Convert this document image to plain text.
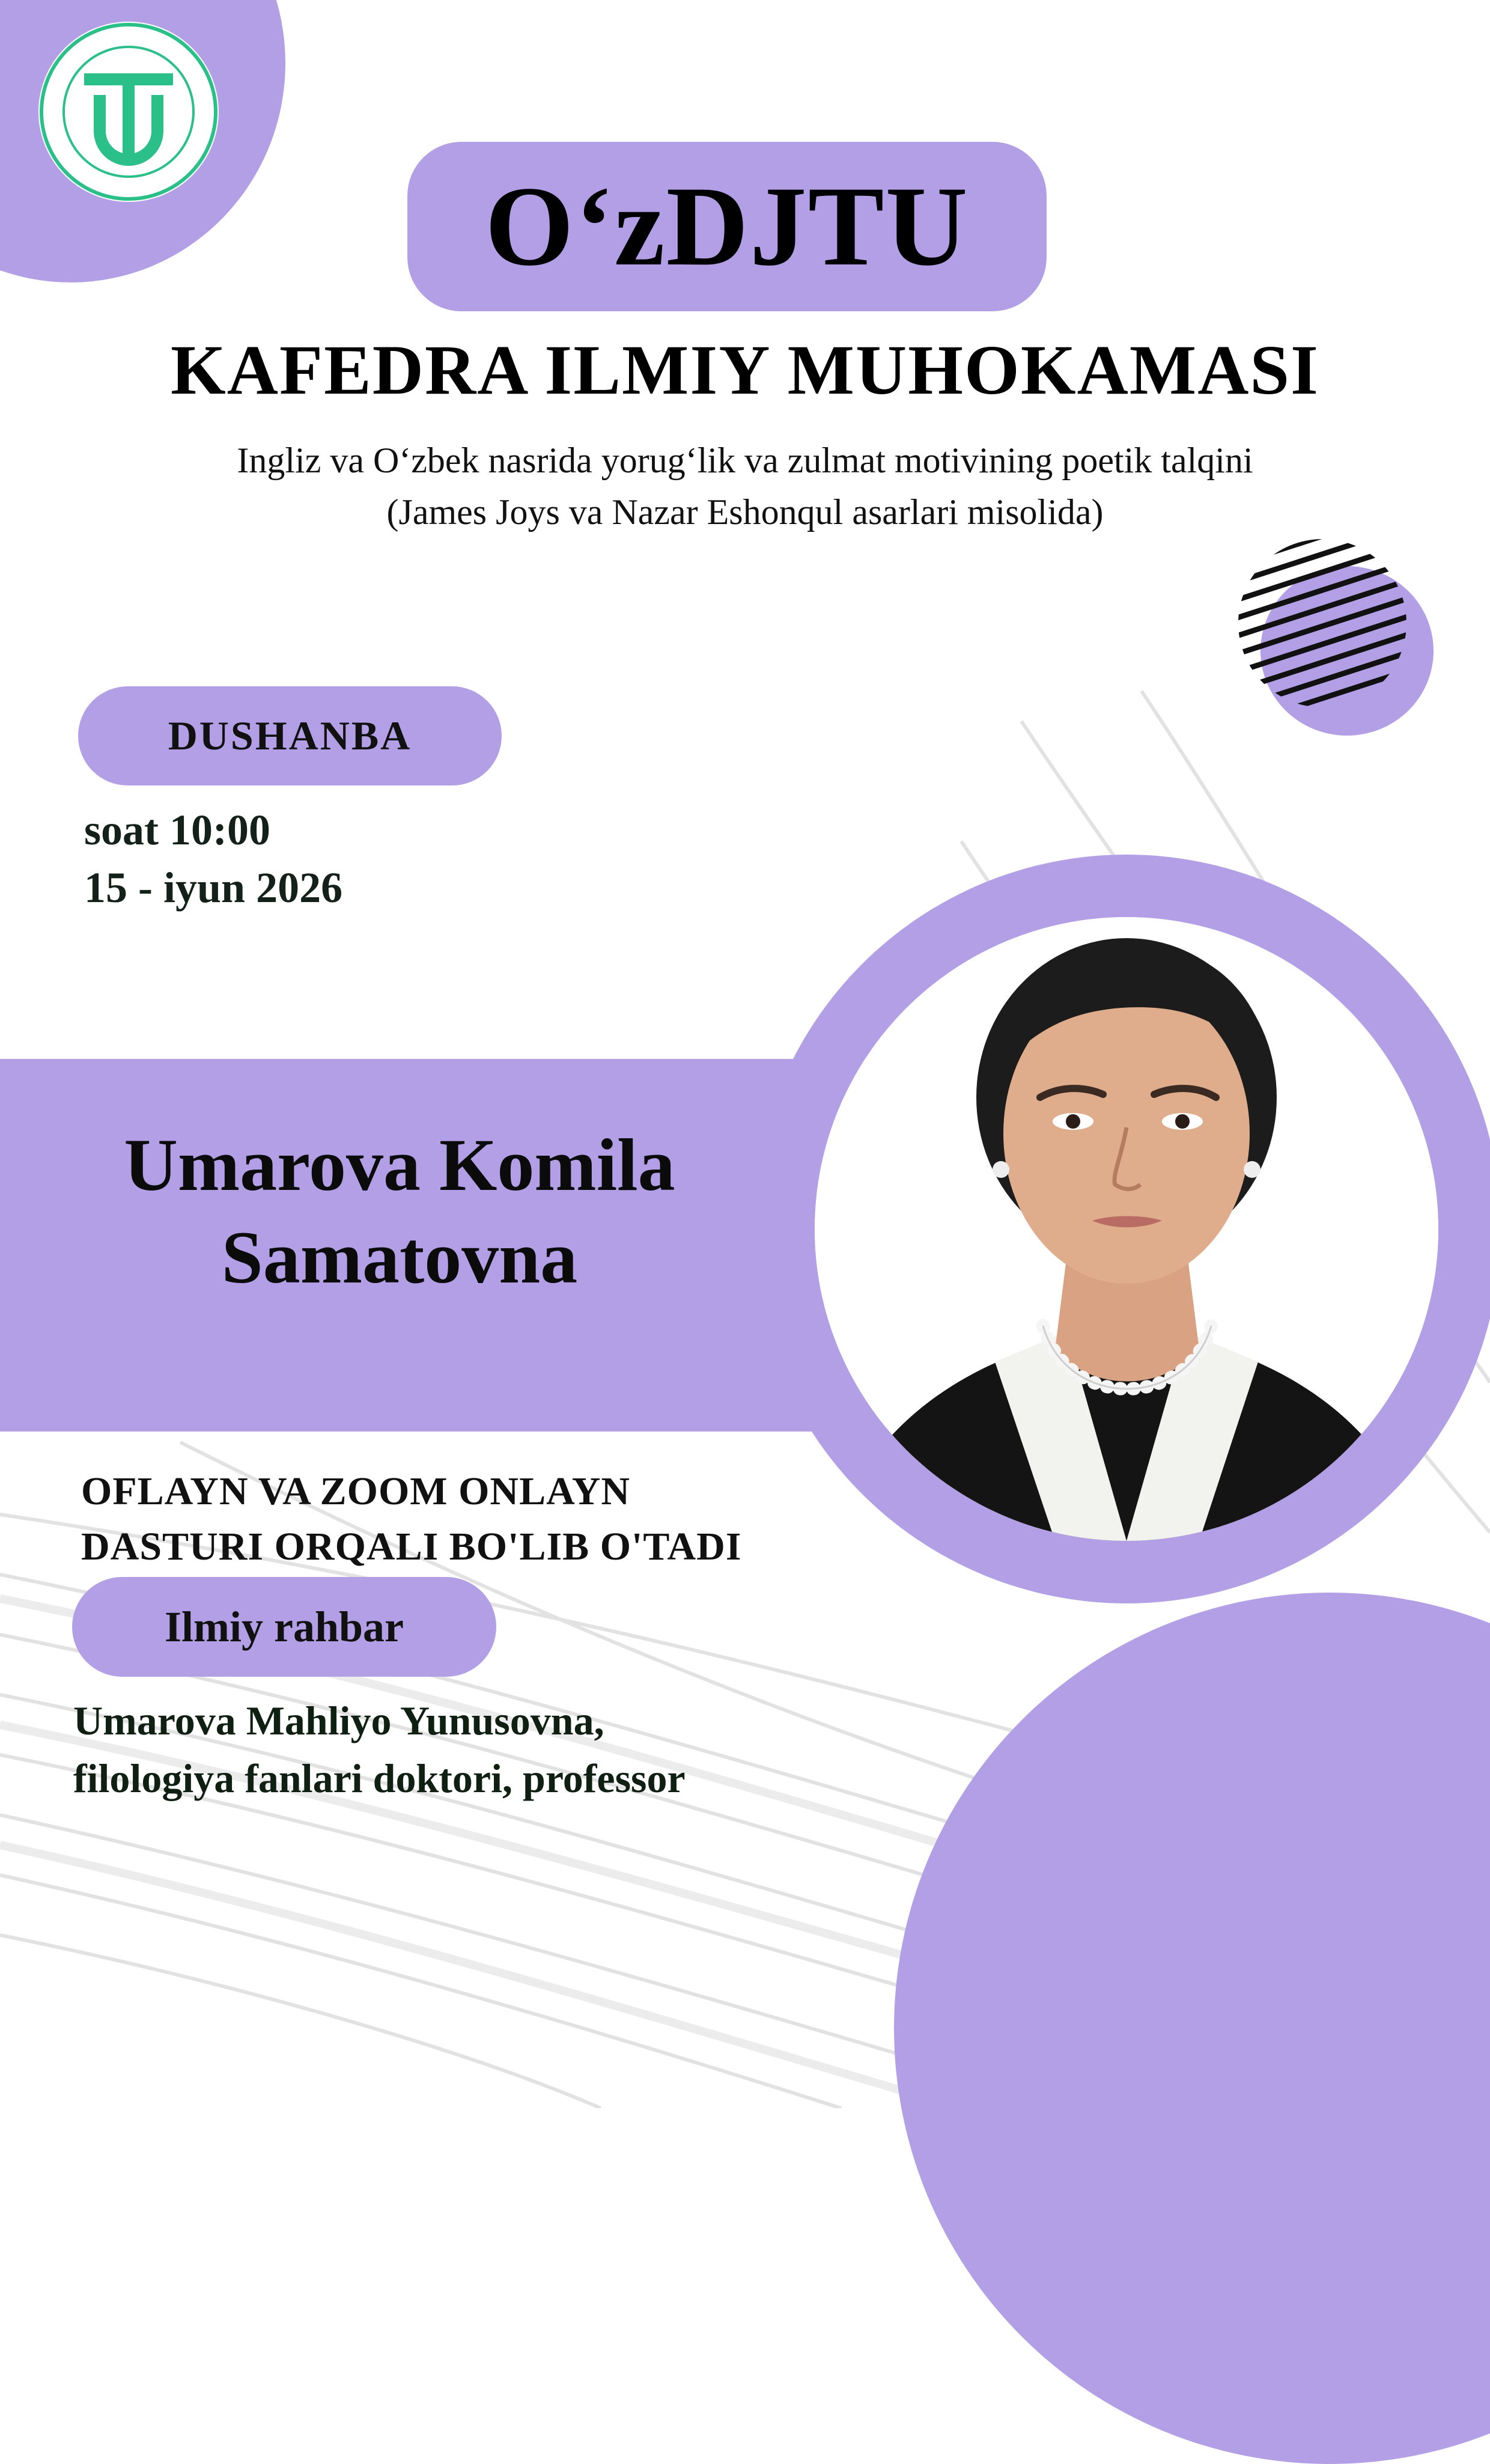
O‘zDJTU
KAFEDRA ILMIY MUHOKAMASI
Ingliz va O‘zbek nasrida yorug‘lik va zulmat motivining poetik talqini
(James Joys va Nazar Eshonqul asarlari misolida)
DUSHANBA
soat 10:00
15 - iyun 2026
Umarova Komila
Samatovna
OFLAYN VA ZOOM ONLAYN
DASTURI ORQALI BO'LIB O'TADI
Ilmiy rahbar
Umarova Mahliyo Yunusovna,
filologiya fanlari doktori, professor
